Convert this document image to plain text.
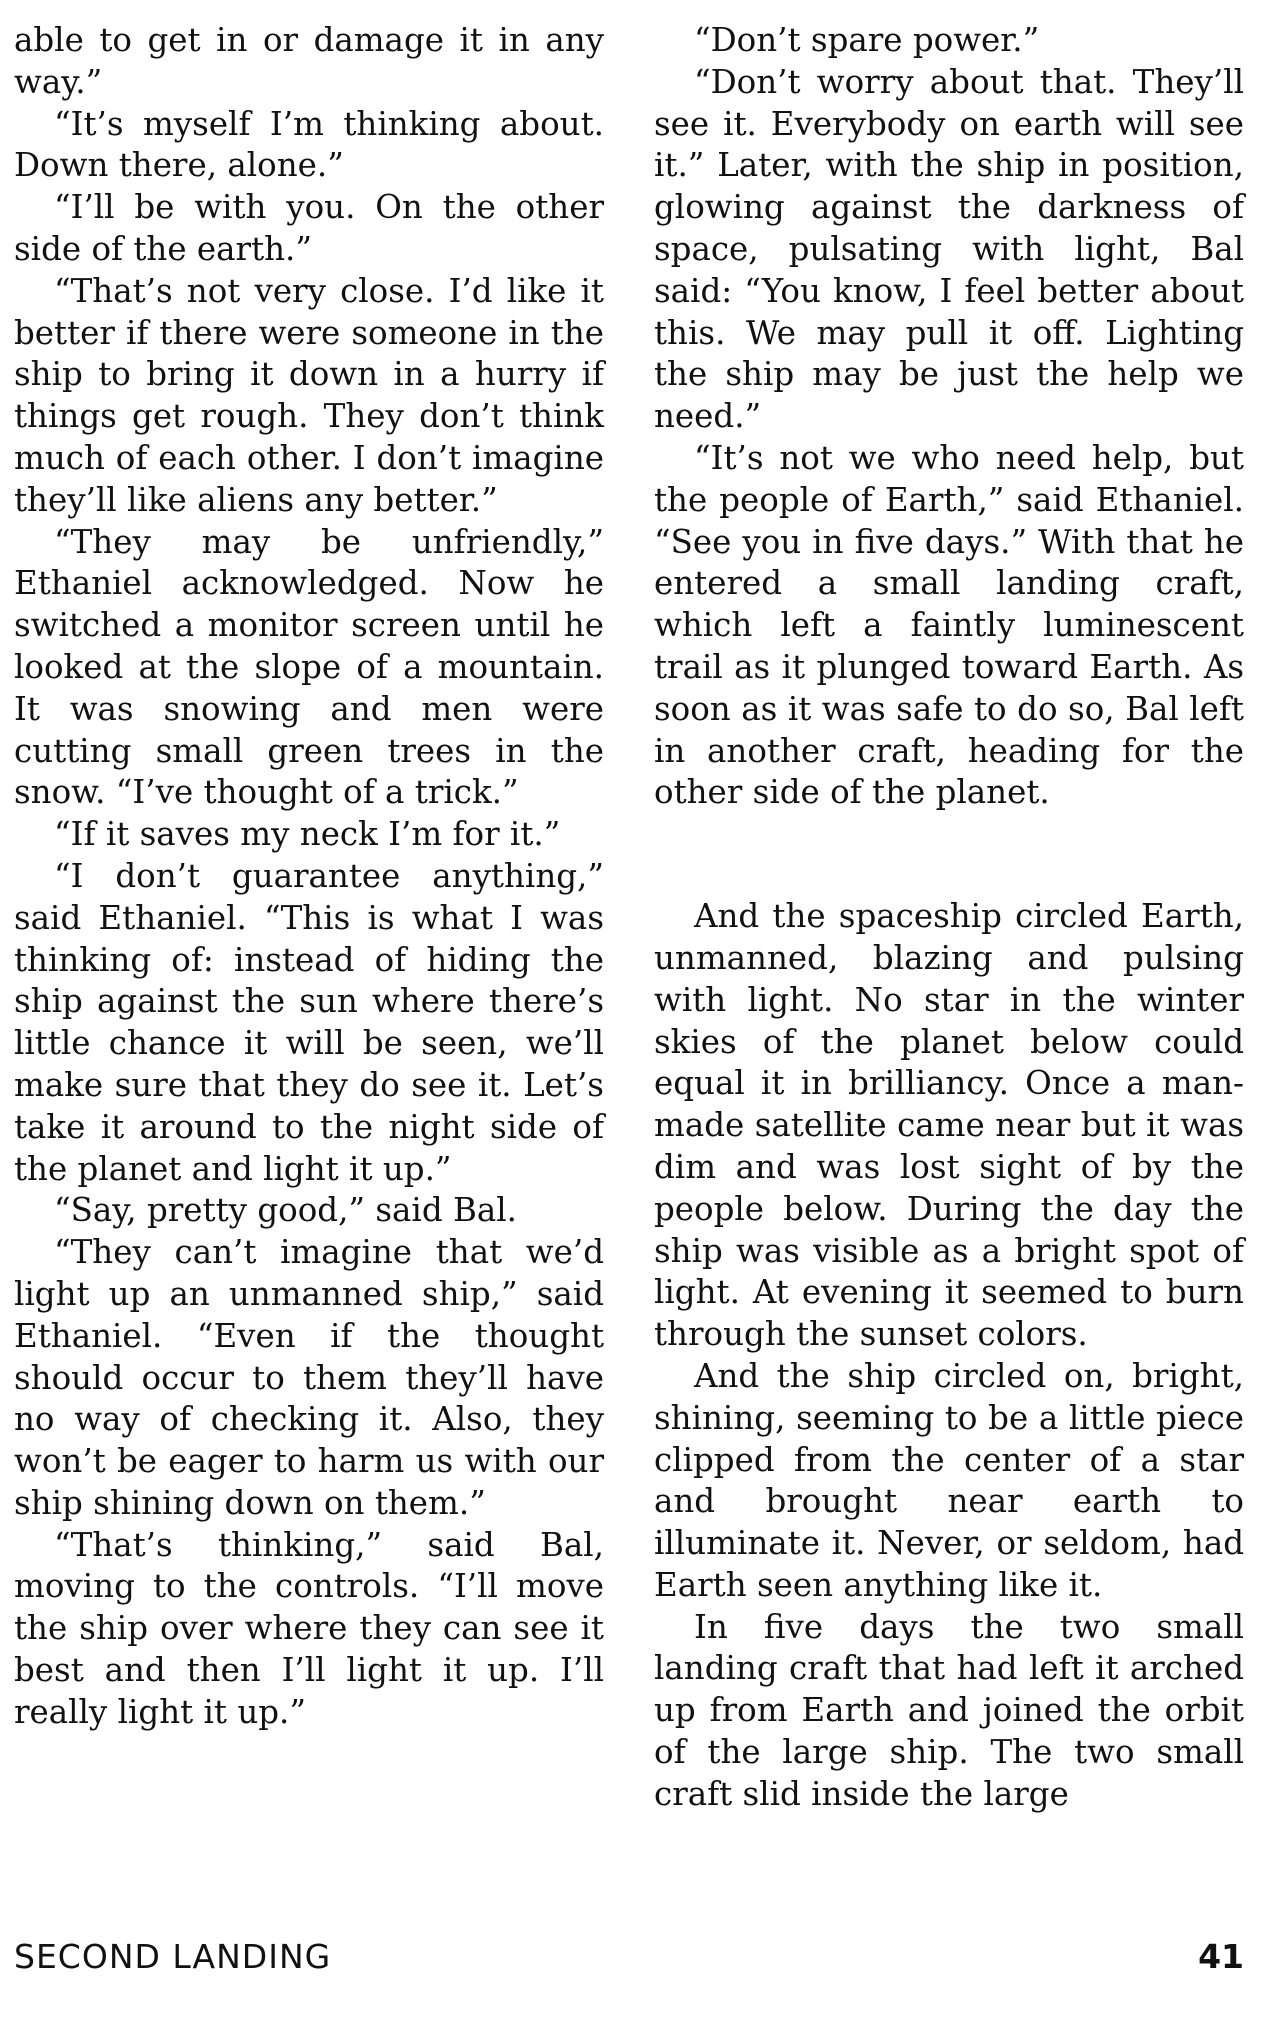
able to get in or damage it in any way.”

“It’s myself I’m thinking about. Down there, alone.”

“I’ll be with you. On the other side of the earth.”

“That’s not very close. I’d like it better if there were someone in the ship to bring it down in a hurry if things get rough. They don’t think much of each other. I don’t imagine they’ll like aliens any better.”

“They may be unfriendly,” Ethaniel acknowledged. Now he switched a monitor screen until he looked at the slope of a mountain. It was snowing and men were cutting small green trees in the snow. “I’ve thought of a trick.”

“If it saves my neck I’m for it.”

“I don’t guarantee anything,” said Ethaniel. “This is what I was thinking of: instead of hiding the ship against the sun where there’s little chance it will be seen, we’ll make sure that they do see it. Let’s take it around to the night side of the planet and light it up.”

“Say, pretty good,” said Bal.

“They can’t imagine that we’d light up an unmanned ship,” said Ethaniel. “Even if the thought should occur to them they’ll have no way of checking it. Also, they won’t be eager to harm us with our ship shining down on them.”

“That’s thinking,” said Bal, moving to the controls. “I’ll move the ship over where they can see it best and then I’ll light it up. I’ll really light it up.”

“Don’t spare power.”

“Don’t worry about that. They’ll see it. Everybody on earth will see it.” Later, with the ship in position, glowing against the darkness of space, pulsating with light, Bal said: “You know, I feel better about this. We may pull it off. Lighting the ship may be just the help we need.”

“It’s not we who need help, but the people of Earth,” said Ethaniel. “See you in five days.” With that he entered a small landing craft, which left a faintly luminescent trail as it plunged toward Earth. As soon as it was safe to do so, Bal left in another craft, heading for the other side of the planet.

And the spaceship circled Earth, unmanned, blazing and pulsing with light. No star in the winter skies of the planet below could equal it in brilliancy. Once a man-made satellite came near but it was dim and was lost sight of by the people below. During the day the ship was visible as a bright spot of light. At evening it seemed to burn through the sunset colors.

And the ship circled on, bright, shining, seeming to be a little piece clipped from the center of a star and brought near earth to illuminate it. Never, or seldom, had Earth seen anything like it.

In five days the two small landing craft that had left it arched up from Earth and joined the orbit of the large ship. The two small craft slid inside the large

SECOND LANDING	41
